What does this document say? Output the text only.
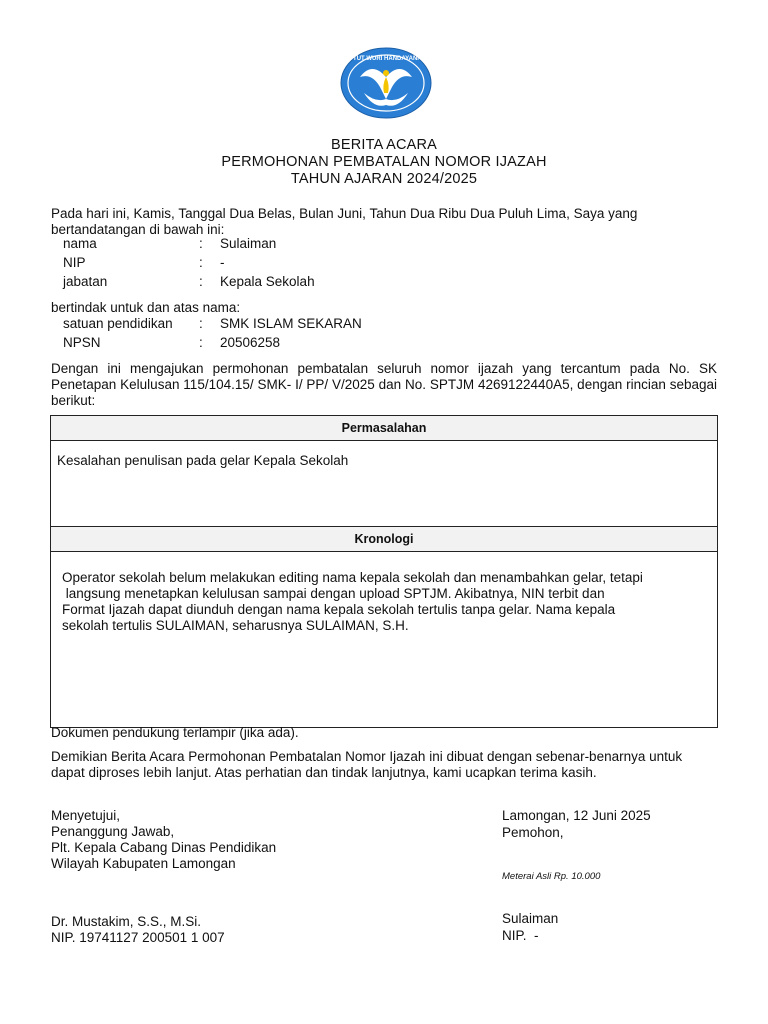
TUT WURI HANDAYANI
BERITA ACARA
PERMOHONAN PEMBATALAN NOMOR IJAZAH
TAHUN AJARAN 2024/2025
Pada hari ini, Kamis, Tanggal Dua Belas, Bulan Juni, Tahun Dua Ribu Dua Puluh Lima, Saya yang bertandatangan di bawah ini:
nama	: Sulaiman
NIP	: -
jabatan	: Kepala Sekolah
bertindak untuk dan atas nama:
satuan pendidikan : SMK ISLAM SEKARAN
NPSN	: 20506258
Dengan ini mengajukan permohonan pembatalan seluruh nomor ijazah yang tercantum pada No. SK Penetapan Kelulusan 115/104.15/ SMK- I/ PP/ V/2025 dan No. SPTJM 4269122440A5, dengan rincian sebagai berikut:
Permasalahan
Kesalahan penulisan pada gelar Kepala Sekolah
Kronologi

Operator sekolah belum melakukan editing nama kepala sekolah dan menambahkan gelar, tetapi
langsung menetapkan kelulusan sampai dengan upload SPTJM. Akibatnya, NIN terbit dan
Format Ijazah dapat diunduh dengan nama kepala sekolah tertulis tanpa gelar. Nama kepala
sekolah tertulis SULAIMAN, seharusnya SULAIMAN, S.H.
Dokumen pendukung terlampir (jika ada).
Demikian Berita Acara Permohonan Pembatalan Nomor Ijazah ini dibuat dengan sebenar-benarnya untuk dapat diproses lebih lanjut. Atas perhatian dan tindak lanjutnya, kami ucapkan terima kasih.
Menyetujui,
Penanggung Jawab,
Plt. Kepala Cabang Dinas Pendidikan
Wilayah Kabupaten Lamongan
Dr. Mustakim, S.S., M.Si.
NIP. 19741127 200501 1 007
Lamongan, 12 Juni 2025
Pemohon,
Meterai Asli Rp. 10.000
Sulaiman
NIP.  -
